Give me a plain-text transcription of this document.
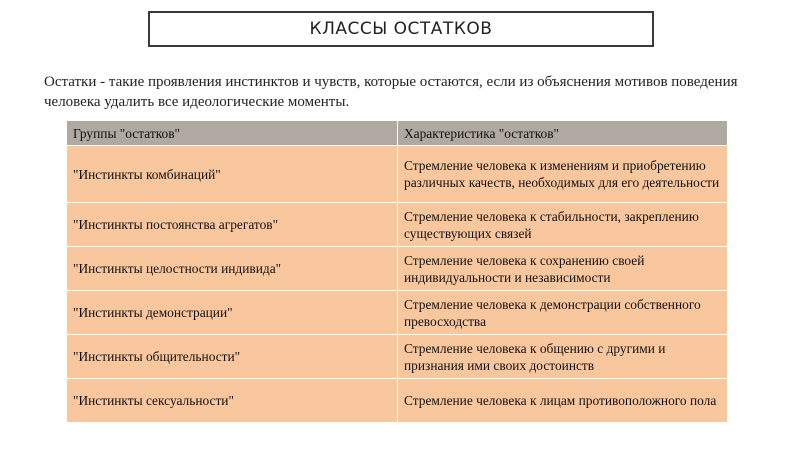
КЛАССЫ ОСТАТКОВ
Остатки - такие проявления инстинктов и чувств, которые остаются, если из объяснения мотивов поведения человека удалить все идеологические моменты.
Группы "остатков"	Характеристика "остатков"
"Инстинкты комбинаций"	Стремление человека к изменениям и приобретению различных качеств, необходимых для его деятельности
"Инстинкты постоянства агрегатов"	Стремление человека к стабильности, закреплению существующих связей
"Инстинкты целостности индивида"	Стремление человека к сохранению своей индивидуальности и независимости
"Инстинкты демонстрации"	Стремление человека к демонстрации собственного превосходства
"Инстинкты общительности"	Стремление человека к общению с другими и признания ими своих достоинств
"Инстинкты сексуальности"	Стремление человека к лицам противоположного пола
